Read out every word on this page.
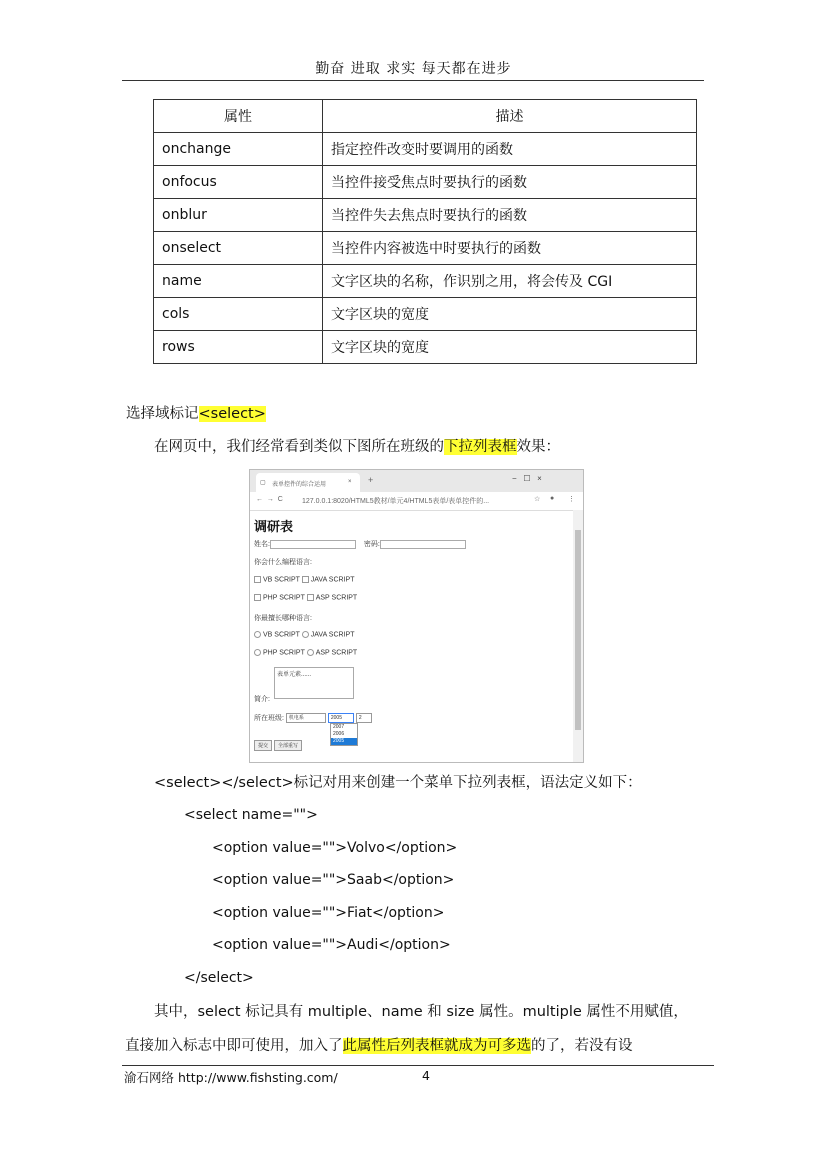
勤奋 进取 求实 每天都在进步
属性	描述
onchange	指定控件改变时要调用的函数
onfocus	当控件接受焦点时要执行的函数
onblur	当控件失去焦点时要执行的函数
onselect	当控件内容被选中时要执行的函数
name	文字区块的名称，作识别之用，将会传及 CGI
cols	文字区块的宽度
rows	文字区块的宽度
选择域标记<select>
在网页中，我们经常看到类似下图所在班级的下拉列表框效果：
▢ 表单控件的综合运用	× +	−   ☐   ×
←  →  C	127.0.0.1:8020/HTML5教材/单元4/HTML5表单/表单控件的...	☆ ● ⋮
调研表
姓名:	密码:
你会什么编程语言:
VB SCRIPT JAVA SCRIPT
PHP SCRIPT ASP SCRIPT
你最擅长哪种语言:
VB SCRIPT JAVA SCRIPT
PHP SCRIPT ASP SCRIPT
表单元素......
简介:
所在班级: 机电系	2005	2
2007
2006
2005
提交 全部重写
<select></select>标记对用来创建一个菜单下拉列表框，语法定义如下：
<select name="">
<option value="">Volvo</option>
<option value="">Saab</option>
<option value="">Fiat</option>
<option value="">Audi</option>
</select>
其中，select 标记具有 multiple、name 和 size 属性。multiple 属性不用赋值，
直接加入标志中即可使用，加入了此属性后列表框就成为可多选的了，若没有设
渝石网络 http://www.fishsting.com/	4
